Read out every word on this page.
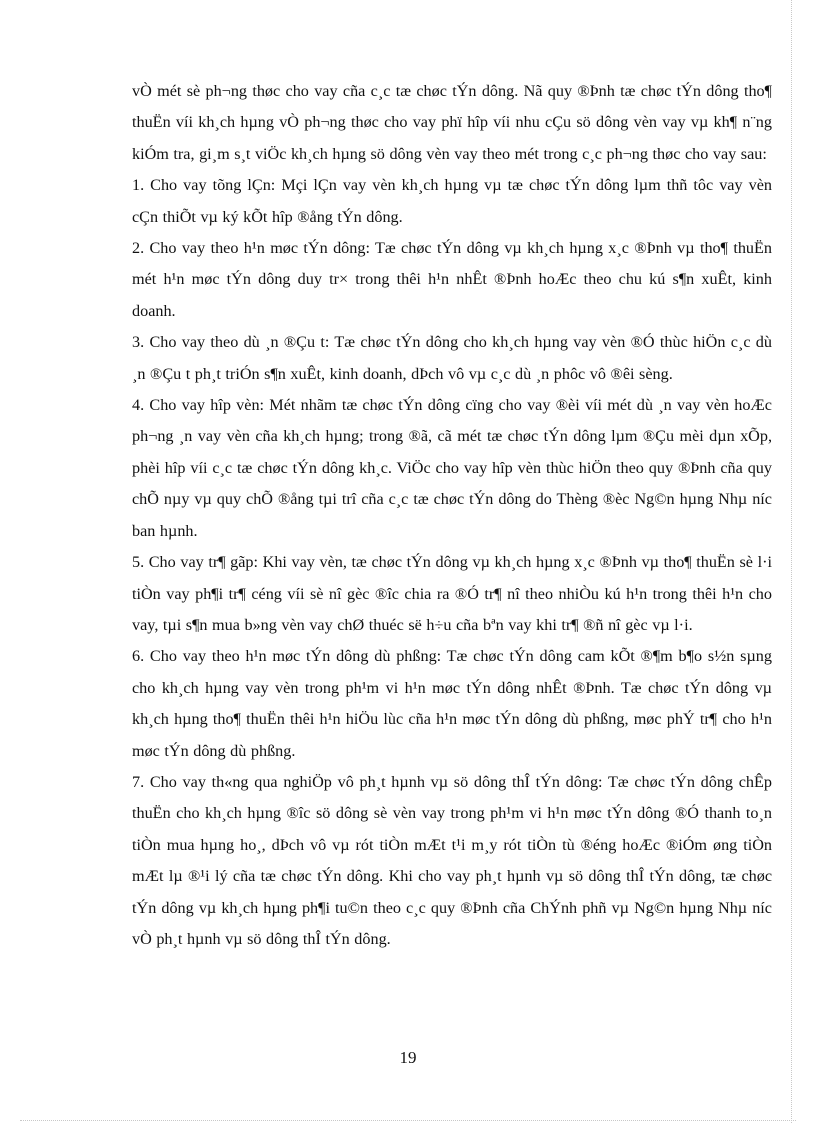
vÒ mét sè ph¬ng thøc cho vay cña c¸c tæ chøc tÝn dông. Nã quy ®Þnh tæ chøc tÝn dông tho¶ thuËn víi kh¸ch hµng vÒ ph¬ng thøc cho vay phï hîp víi nhu cÇu sö dông vèn vay vµ kh¶ n¨ng kiÓm tra, gi¸m s¸t viÖc kh¸ch hµng sö dông vèn vay theo mét trong c¸c ph¬ng thøc cho vay sau:

1. Cho vay tõng lÇn: Mçi lÇn vay vèn kh¸ch hµng vµ tæ chøc tÝn dông lµm thñ tôc vay vèn cÇn thiÕt vµ ký kÕt hîp ®ång tÝn dông.

2. Cho vay theo h¹n møc tÝn dông: Tæ chøc tÝn dông vµ kh¸ch hµng x¸c ®Þnh vµ tho¶ thuËn mét h¹n møc tÝn dông duy tr× trong thêi h¹n nhÊt ®Þnh hoÆc theo chu kú s¶n xuÊt, kinh doanh.

3. Cho vay theo dù ¸n ®Çu t: Tæ chøc tÝn dông cho kh¸ch hµng vay vèn ®Ó thùc hiÖn c¸c dù ¸n ®Çu t ph¸t triÓn s¶n xuÊt, kinh doanh, dÞch vô vµ c¸c dù ¸n phôc vô ®êi sèng.

4. Cho vay hîp vèn: Mét nhãm tæ chøc tÝn dông cïng cho vay ®èi víi mét dù ¸n vay vèn hoÆc ph¬ng ¸n vay vèn cña kh¸ch hµng; trong ®ã, cã mét tæ chøc tÝn dông lµm ®Çu mèi dµn xÕp, phèi hîp víi c¸c tæ chøc tÝn dông kh¸c. ViÖc cho vay hîp vèn thùc hiÖn theo quy ®Þnh cña quy chÕ nµy vµ quy chÕ ®ång tµi trî cña c¸c tæ chøc tÝn dông do Thèng ®èc Ng©n hµng Nhµ níc ban hµnh.

5. Cho vay tr¶ gãp: Khi vay vèn, tæ chøc tÝn dông vµ kh¸ch hµng x¸c ®Þnh vµ tho¶ thuËn sè l·i tiÒn vay ph¶i tr¶ céng víi sè nî gèc ®îc chia ra ®Ó tr¶ nî theo nhiÒu kú h¹n trong thêi h¹n cho vay, tµi s¶n mua b»ng vèn vay chØ thuéc së h÷u cña bªn vay khi tr¶ ®ñ nî gèc vµ l·i.

6. Cho vay theo h¹n møc tÝn dông dù phßng: Tæ chøc tÝn dông cam kÕt ®¶m b¶o s½n sµng cho kh¸ch hµng vay vèn trong ph¹m vi h¹n møc tÝn dông nhÊt ®Þnh. Tæ chøc tÝn dông vµ kh¸ch hµng tho¶ thuËn thêi h¹n hiÖu lùc cña h¹n møc tÝn dông dù phßng, møc phÝ tr¶ cho h¹n møc tÝn dông dù phßng.

7. Cho vay th«ng qua nghiÖp vô ph¸t hµnh vµ sö dông thÎ tÝn dông: Tæ chøc tÝn dông chÊp thuËn cho kh¸ch hµng ®îc sö dông sè vèn vay trong ph¹m vi h¹n møc tÝn dông ®Ó thanh to¸n tiÒn mua hµng ho¸, dÞch vô vµ rót tiÒn mÆt t¹i m¸y rót tiÒn tù ®éng hoÆc ®iÓm øng tiÒn mÆt lµ ®¹i lý cña tæ chøc tÝn dông. Khi cho vay ph¸t hµnh vµ sö dông thÎ tÝn dông, tæ chøc tÝn dông vµ kh¸ch hµng ph¶i tu©n theo c¸c quy ®Þnh cña ChÝnh phñ vµ Ng©n hµng Nhµ níc vÒ ph¸t hµnh vµ sö dông thÎ tÝn dông.

19
